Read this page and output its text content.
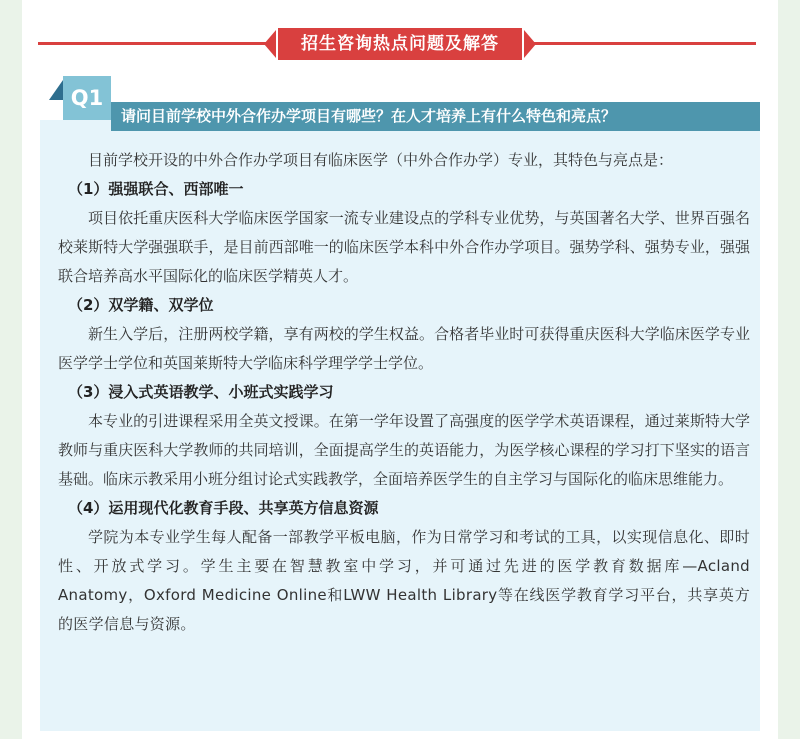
招生咨询热点问题及解答
Q1
请问目前学校中外合作办学项目有哪些？在人才培养上有什么特色和亮点？

目前学校开设的中外合作办学项目有临床医学（中外合作办学）专业，其特色与亮点是：

（1）强强联合、西部唯一

项目依托重庆医科大学临床医学国家一流专业建设点的学科专业优势，与英国著名大学、世界百强名校莱斯特大学强强联手，是目前西部唯一的临床医学本科中外合作办学项目。强势学科、强势专业，强强联合培养高水平国际化的临床医学精英人才。

（2）双学籍、双学位

新生入学后，注册两校学籍，享有两校的学生权益。合格者毕业时可获得重庆医科大学临床医学专业医学学士学位和英国莱斯特大学临床科学理学学士学位。

（3）浸入式英语教学、小班式实践学习

本专业的引进课程采用全英文授课。在第一学年设置了高强度的医学学术英语课程，通过莱斯特大学教师与重庆医科大学教师的共同培训，全面提高学生的英语能力，为医学核心课程的学习打下坚实的语言基础。临床示教采用小班分组讨论式实践教学，全面培养医学生的自主学习与国际化的临床思维能力。

（4）运用现代化教育手段、共享英方信息资源

学院为本专业学生每人配备一部教学平板电脑，作为日常学习和考试的工具，以实现信息化、即时性、开放式学习。学生主要在智慧教室中学习，并可通过先进的医学教育数据库—Acland Anatomy，Oxford Medicine Online和LWW Health Library等在线医学教育学习平台，共享英方的医学信息与资源。
